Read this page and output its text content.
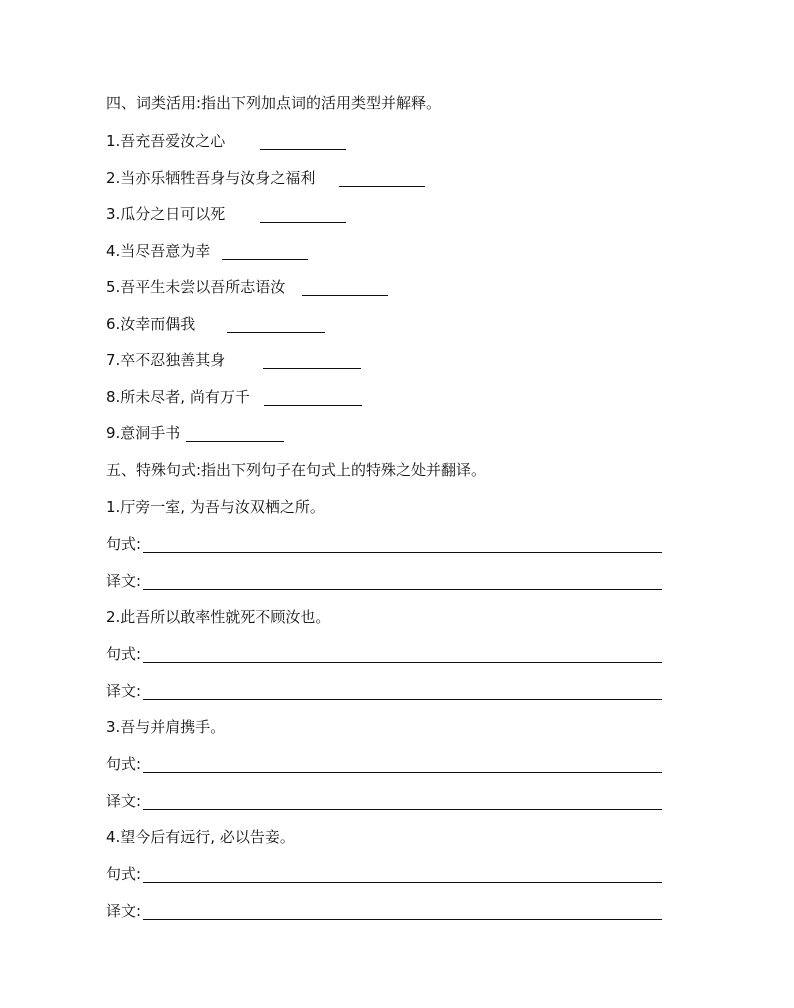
四、词类活用:指出下列加点词的活用类型并解释。
1.吾充吾爱汝之心
2.当亦乐牺牲吾身与汝身之福利
3.瓜分之日可以死
4.当尽吾意为幸
5.吾平生未尝以吾所志语汝
6.汝幸而偶我
7.卒不忍独善其身
8.所未尽者, 尚有万千
9.意洞手书
五、特殊句式:指出下列句子在句式上的特殊之处并翻译。
1.厅旁一室, 为吾与汝双栖之所。
句式:
译文:
2.此吾所以敢率性就死不顾汝也。
句式:
译文:
3.吾与并肩携手。
句式:
译文:
4.望今后有远行, 必以告妾。
句式:
译文:
